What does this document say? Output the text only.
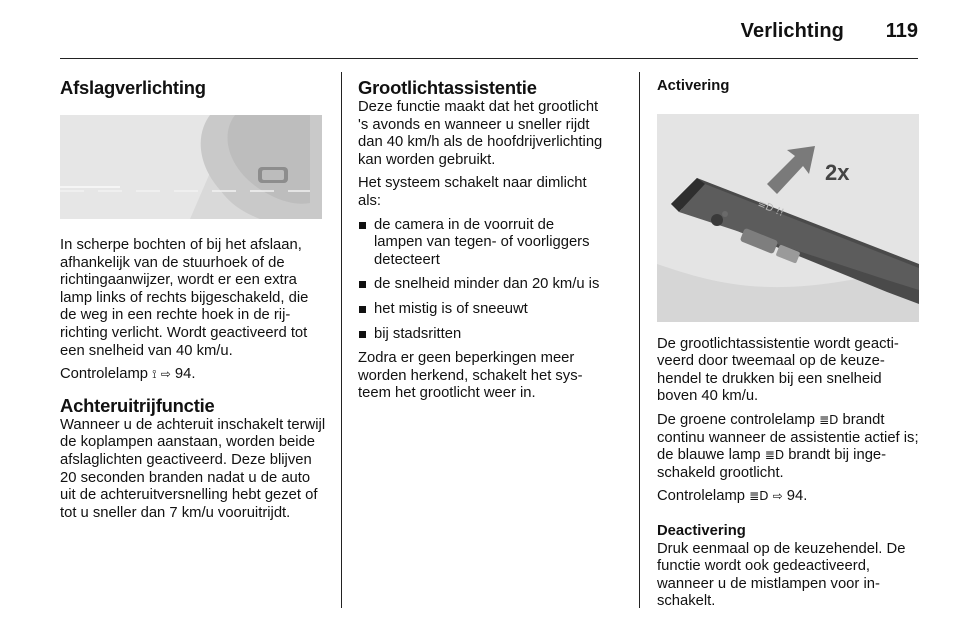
Verlichting 119
Afslagverlichting

In scherpe bochten of bij het afslaan, afhankelijk van de stuurhoek of de richtingaanwijzer, wordt er een extra lamp links of rechts bijgeschakeld, die de weg in een rechte hoek in de rijrichting verlicht. Wordt geactiveerd tot een snelheid van 40 km/u.

Controlelamp ⟟ ⇨ 94.

Achteruitrijfunctie

Wanneer u de achteruit inschakelt terwijl de koplampen aanstaan, worden beide afslaglichten geactiveerd. Deze blijven 20 seconden branden nadat u de auto uit de achteruitversnelling hebt gezet of tot u sneller dan 7 km/u vooruitrijdt.

Grootlichtassistentie

Deze functie maakt dat het grootlicht 's avonds en wanneer u sneller rijdt dan 40 km/h als de hoofdrijverlichting kan worden gebruikt.

Het systeem schakelt naar dimlicht als:

de camera in de voorruit de lampen van tegen- of voorliggers detecteert
de snelheid minder dan 20 km/u is
het mistig is of sneeuwt
bij stadsritten

Zodra er geen beperkingen meer worden herkend, schakelt het systeem het grootlicht weer in.

Activering
2x
≡D !!

De grootlichtassistentie wordt geactiveerd door tweemaal op de keuzehendel te drukken bij een snelheid boven 40 km/u.

De groene controlelamp ≣D brandt continu wanneer de assistentie actief is; de blauwe lamp ≣D brandt bij ingeschakeld grootlicht.

Controlelamp ≣D ⇨ 94.

Deactivering

Druk eenmaal op de keuzehendel. De functie wordt ook gedeactiveerd, wanneer u de mistlampen voor inschakelt.
